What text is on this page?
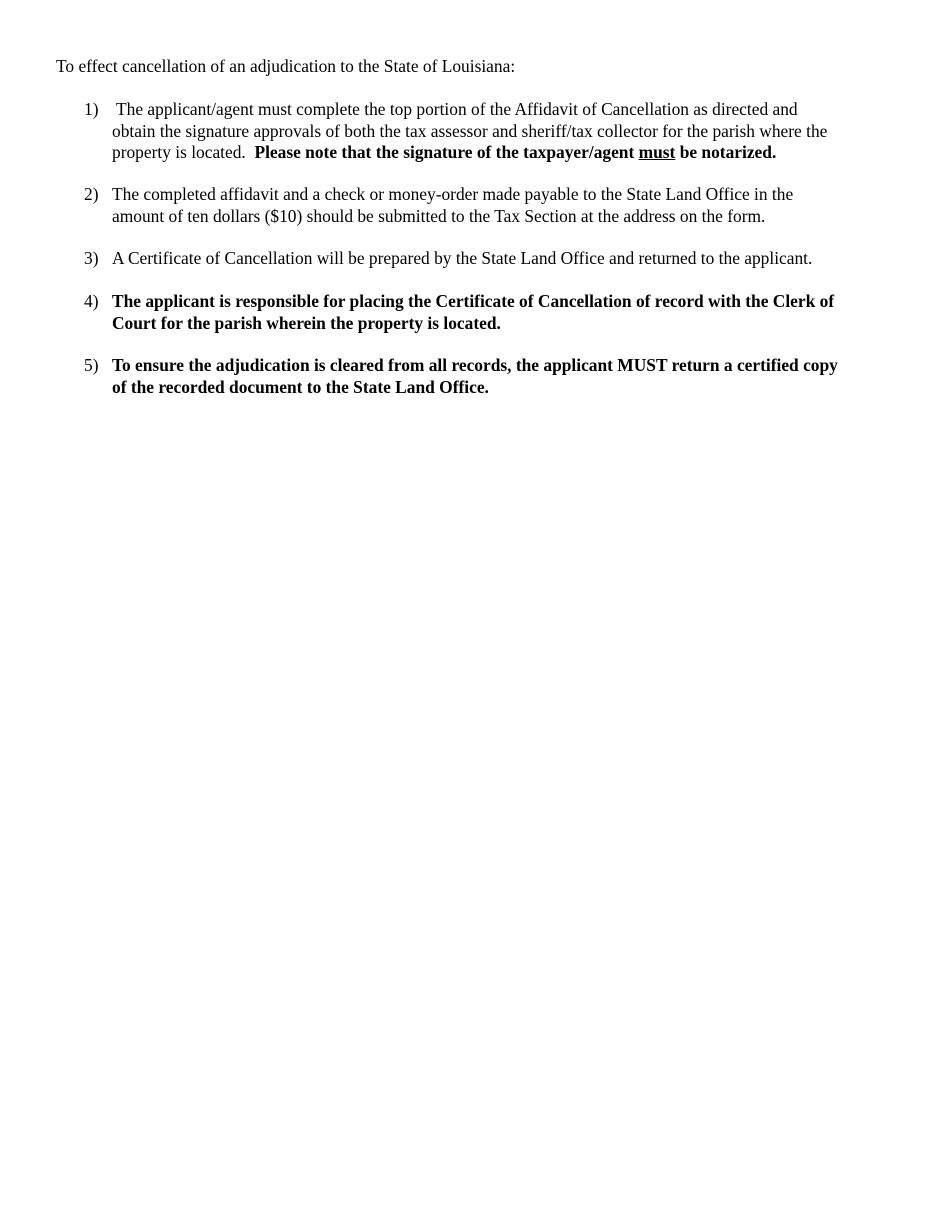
To effect cancellation of an adjudication to the State of Louisiana:

1) The applicant/agent must complete the top portion of the Affidavit of Cancellation as directed and
obtain the signature approvals of both the tax assessor and sheriff/tax collector for the parish where the
property is located.  Please note that the signature of the taxpayer/agent must be notarized.
2) The completed affidavit and a check or money-order made payable to the State Land Office in the
amount of ten dollars ($10) should be submitted to the Tax Section at the address on the form.
3) A Certificate of Cancellation will be prepared by the State Land Office and returned to the applicant.
4) The applicant is responsible for placing the Certificate of Cancellation of record with the Clerk of
Court for the parish wherein the property is located.
5) To ensure the adjudication is cleared from all records, the applicant MUST return a certified copy
of the recorded document to the State Land Office.
